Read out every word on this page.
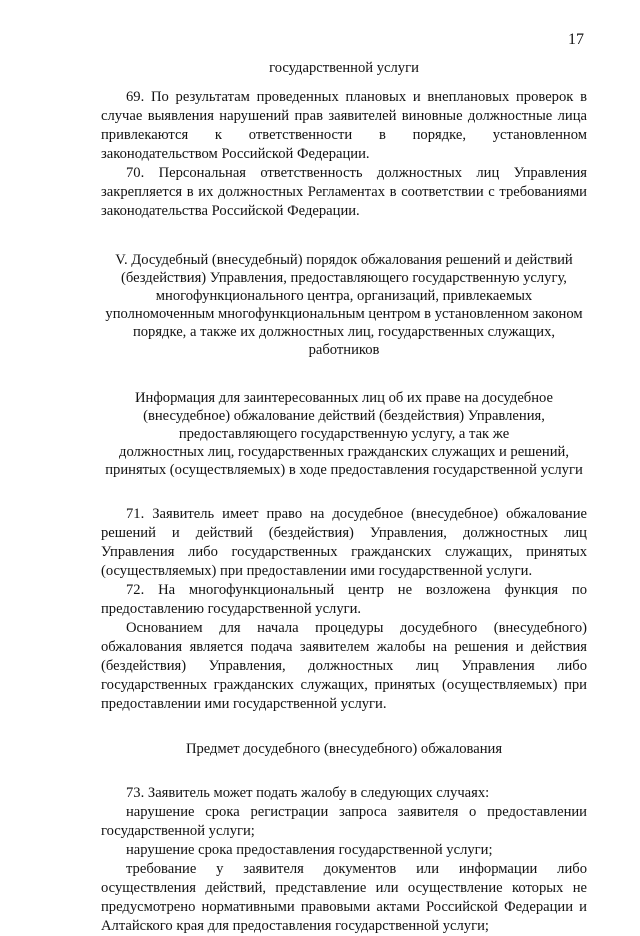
17

государственной услуги

69. По результатам проведенных плановых и внеплановых проверок в случае выявления нарушений прав заявителей виновные должностные лица привлекаются к ответственности в порядке, установленном законодательством Российской Федерации.

70. Персональная ответственность должностных лиц Управления закрепляется в их должностных Регламентах в соответствии с требованиями законодательства Российской Федерации.

V. Досудебный (внесудебный) порядок обжалования решений и действий

(бездействия) Управления, предоставляющего государственную услугу,

многофункционального центра, организаций, привлекаемых

уполномоченным многофункциональным центром в установленном законом

порядке, а также их должностных лиц, государственных служащих,

работников

Информация для заинтересованных лиц об их праве на досудебное

(внесудебное) обжалование действий (бездействия) Управления,

предоставляющего государственную услугу, а так же

должностных лиц, государственных гражданских служащих и решений,

принятых (осуществляемых) в ходе предоставления государственной услуги

71. Заявитель имеет право на досудебное (внесудебное) обжалование решений и действий (бездействия) Управления, должностных лиц Управления либо государственных гражданских служащих, принятых (осуществляемых) при предоставлении ими государственной услуги.

72. На многофункциональный центр не возложена функция по предоставлению государственной услуги.

Основанием для начала процедуры досудебного (внесудебного) обжалования является подача заявителем жалобы на решения и действия (бездействия) Управления, должностных лиц Управления либо государственных гражданских служащих, принятых (осуществляемых) при предоставлении ими государственной услуги.

Предмет досудебного (внесудебного) обжалования

73. Заявитель может подать жалобу в следующих случаях:

нарушение срока регистрации запроса заявителя о предоставлении государственной услуги;

нарушение срока предоставления государственной услуги;

требование у заявителя документов или информации либо осуществления действий, представление или осуществление которых не предусмотрено нормативными правовыми актами Российской Федерации и Алтайского края для предоставления государственной услуги;
